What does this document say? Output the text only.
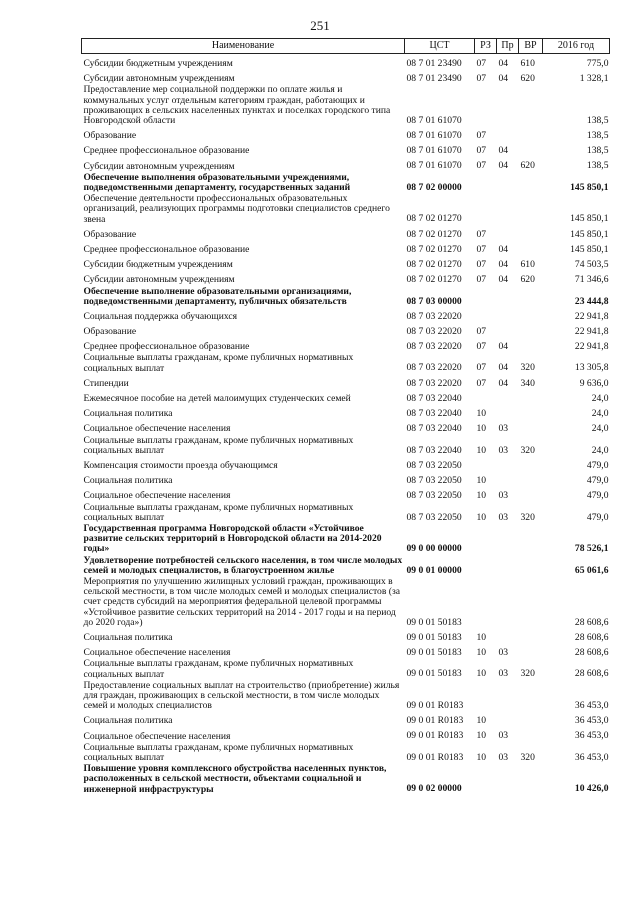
251
Наименование	ЦСТ	РЗ	Пр	ВР	2016 год
Субсидии бюджетным учреждениям	08 7 01 23490	07	04	610	775,0
Субсидии автономным учреждениям	08 7 01 23490	07	04	620	1 328,1
Предоставление мер социальной поддержки по оплате жилья и коммунальных услуг отдельным категориям граждан, работающих и проживающих в сельских населенных пунктах и поселках городского типа Новгородской области	08 7 01 61070				138,5
Образование	08 7 01 61070	07			138,5
Среднее профессиональное образование	08 7 01 61070	07	04		138,5
Субсидии автономным учреждениям	08 7 01 61070	07	04	620	138,5
Обеспечение выполнения образовательными учреждениями, подведомственными департаменту, государственных заданий	08 7 02 00000				145 850,1
Обеспечение деятельности профессиональных образовательных организаций, реализующих программы подготовки специалистов среднего звена	08 7 02 01270				145 850,1
Образование	08 7 02 01270	07			145 850,1
Среднее профессиональное образование	08 7 02 01270	07	04		145 850,1
Субсидии бюджетным учреждениям	08 7 02 01270	07	04	610	74 503,5
Субсидии автономным учреждениям	08 7 02 01270	07	04	620	71 346,6
Обеспечение выполнение образовательными организациями, подведомственными департаменту, публичных обязательств	08 7 03 00000				23 444,8
Социальная поддержка обучающихся	08 7 03 22020				22 941,8
Образование	08 7 03 22020	07			22 941,8
Среднее профессиональное образование	08 7 03 22020	07	04		22 941,8
Социальные выплаты гражданам, кроме публичных нормативных социальных выплат	08 7 03 22020	07	04	320	13 305,8
Стипендии	08 7 03 22020	07	04	340	9 636,0
Ежемесячное пособие на детей малоимущих студенческих семей	08 7 03 22040				24,0
Социальная политика	08 7 03 22040	10			24,0
Социальное обеспечение населения	08 7 03 22040	10	03		24,0
Социальные выплаты гражданам, кроме публичных нормативных социальных выплат	08 7 03 22040	10	03	320	24,0
Компенсация стоимости проезда обучающимся	08 7 03 22050				479,0
Социальная политика	08 7 03 22050	10			479,0
Социальное обеспечение населения	08 7 03 22050	10	03		479,0
Социальные выплаты гражданам, кроме публичных нормативных социальных выплат	08 7 03 22050	10	03	320	479,0
Государственная программа Новгородской области «Устойчивое развитие сельских территорий в Новгородской области на 2014-2020 годы»	09 0 00 00000				78 526,1
Удовлетворение потребностей сельского населения, в том числе молодых семей и молодых специалистов, в благоустроенном жилье	09 0 01 00000				65 061,6
Мероприятия по улучшению жилищных условий граждан, проживающих в сельской местности, в том числе молодых семей и молодых специалистов (за счет средств субсидий на мероприятия федеральной целевой программы «Устойчивое развитие сельских территорий на 2014 - 2017 годы и на период до 2020 года»)	09 0 01 50183				28 608,6
Социальная политика	09 0 01 50183	10			28 608,6
Социальное обеспечение населения	09 0 01 50183	10	03		28 608,6
Социальные выплаты гражданам, кроме публичных нормативных социальных выплат	09 0 01 50183	10	03	320	28 608,6
Предоставление социальных выплат на строительство (приобретение) жилья для граждан, проживающих в сельской местности, в том числе молодых семей и молодых специалистов	09 0 01 R0183				36 453,0
Социальная политика	09 0 01 R0183	10			36 453,0
Социальное обеспечение населения	09 0 01 R0183	10	03		36 453,0
Социальные выплаты гражданам, кроме публичных нормативных социальных выплат	09 0 01 R0183	10	03	320	36 453,0
Повышение уровня комплексного обустройства населенных пунктов, расположенных в сельской местности, объектами социальной и инженерной инфраструктуры	09 0 02 00000				10 426,0
